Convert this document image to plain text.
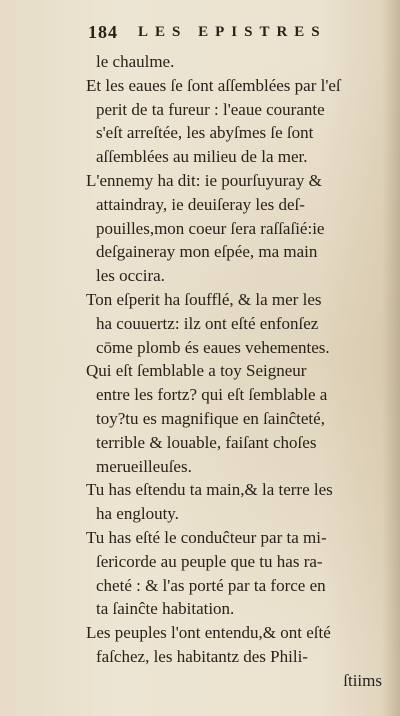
184 LES EPISTRES
le chaulme.
Et les eaues ſe ſont aſſemblées par l'eſ
perit de ta fureur : l'eaue courante
s'eſt arreſtée, les abyſmes ſe ſont
aſſemblées au milieu de la mer.
L'ennemy ha dit: ie pourſuyuray &
attaindray, ie deuiſeray les deſ-
pouilles,mon coeur ſera raſſaſié:ie
deſgaineray mon eſpée, ma main
les occira.
Ton eſperit ha ſoufflé, & la mer les
ha couuertz: ilz ont eſté enfonſez
cōme plomb és eaues vehementes.
Qui eſt ſemblable a toy Seigneur
entre les fortz? qui eſt ſemblable a
toy?tu es magnifique en ſainĉteté,
terrible & louable, faiſant choſes
merueilleuſes.
Tu has eſtendu ta main,& la terre les
ha englouty.
Tu has eſté le conduĉteur par ta mi-
ſericorde au peuple que tu has ra-
cheté : & l'as porté par ta force en
ta ſainĉte habitation.
Les peuples l'ont entendu,& ont eſté
faſchez, les habitantz des Phili-
ſtiims
